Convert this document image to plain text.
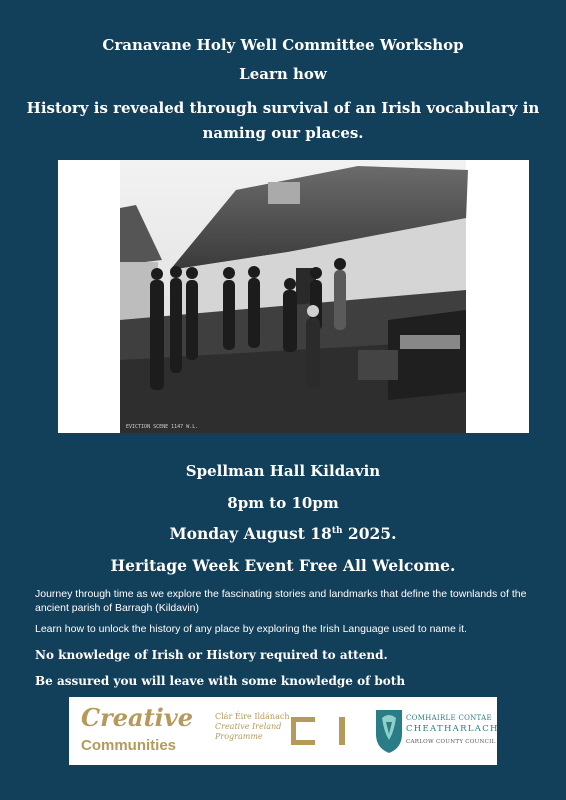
Cranavane Holy Well Committee Workshop
Learn how
History is revealed through survival of an Irish vocabulary in naming our places.
EVICTION SCENE 1147 W.L.
Spellman Hall Kildavin
8pm to 10pm
Monday August 18th 2025.
Heritage Week Event Free All Welcome.
Journey through time as we explore the fascinating stories and landmarks that define the townlands of the ancient parish of Barragh (Kildavin)
Learn how to unlock the history of any place by exploring the Irish Language used to name it.
No knowledge of Irish or History required to attend.
Be assured you will leave with some knowledge of both
Creative
Communities
Clár Éire Ildánach
Creative Ireland
Programme
COMHAIRLE CONTAE
CHEATHARLACH
CARLOW COUNTY COUNCIL
